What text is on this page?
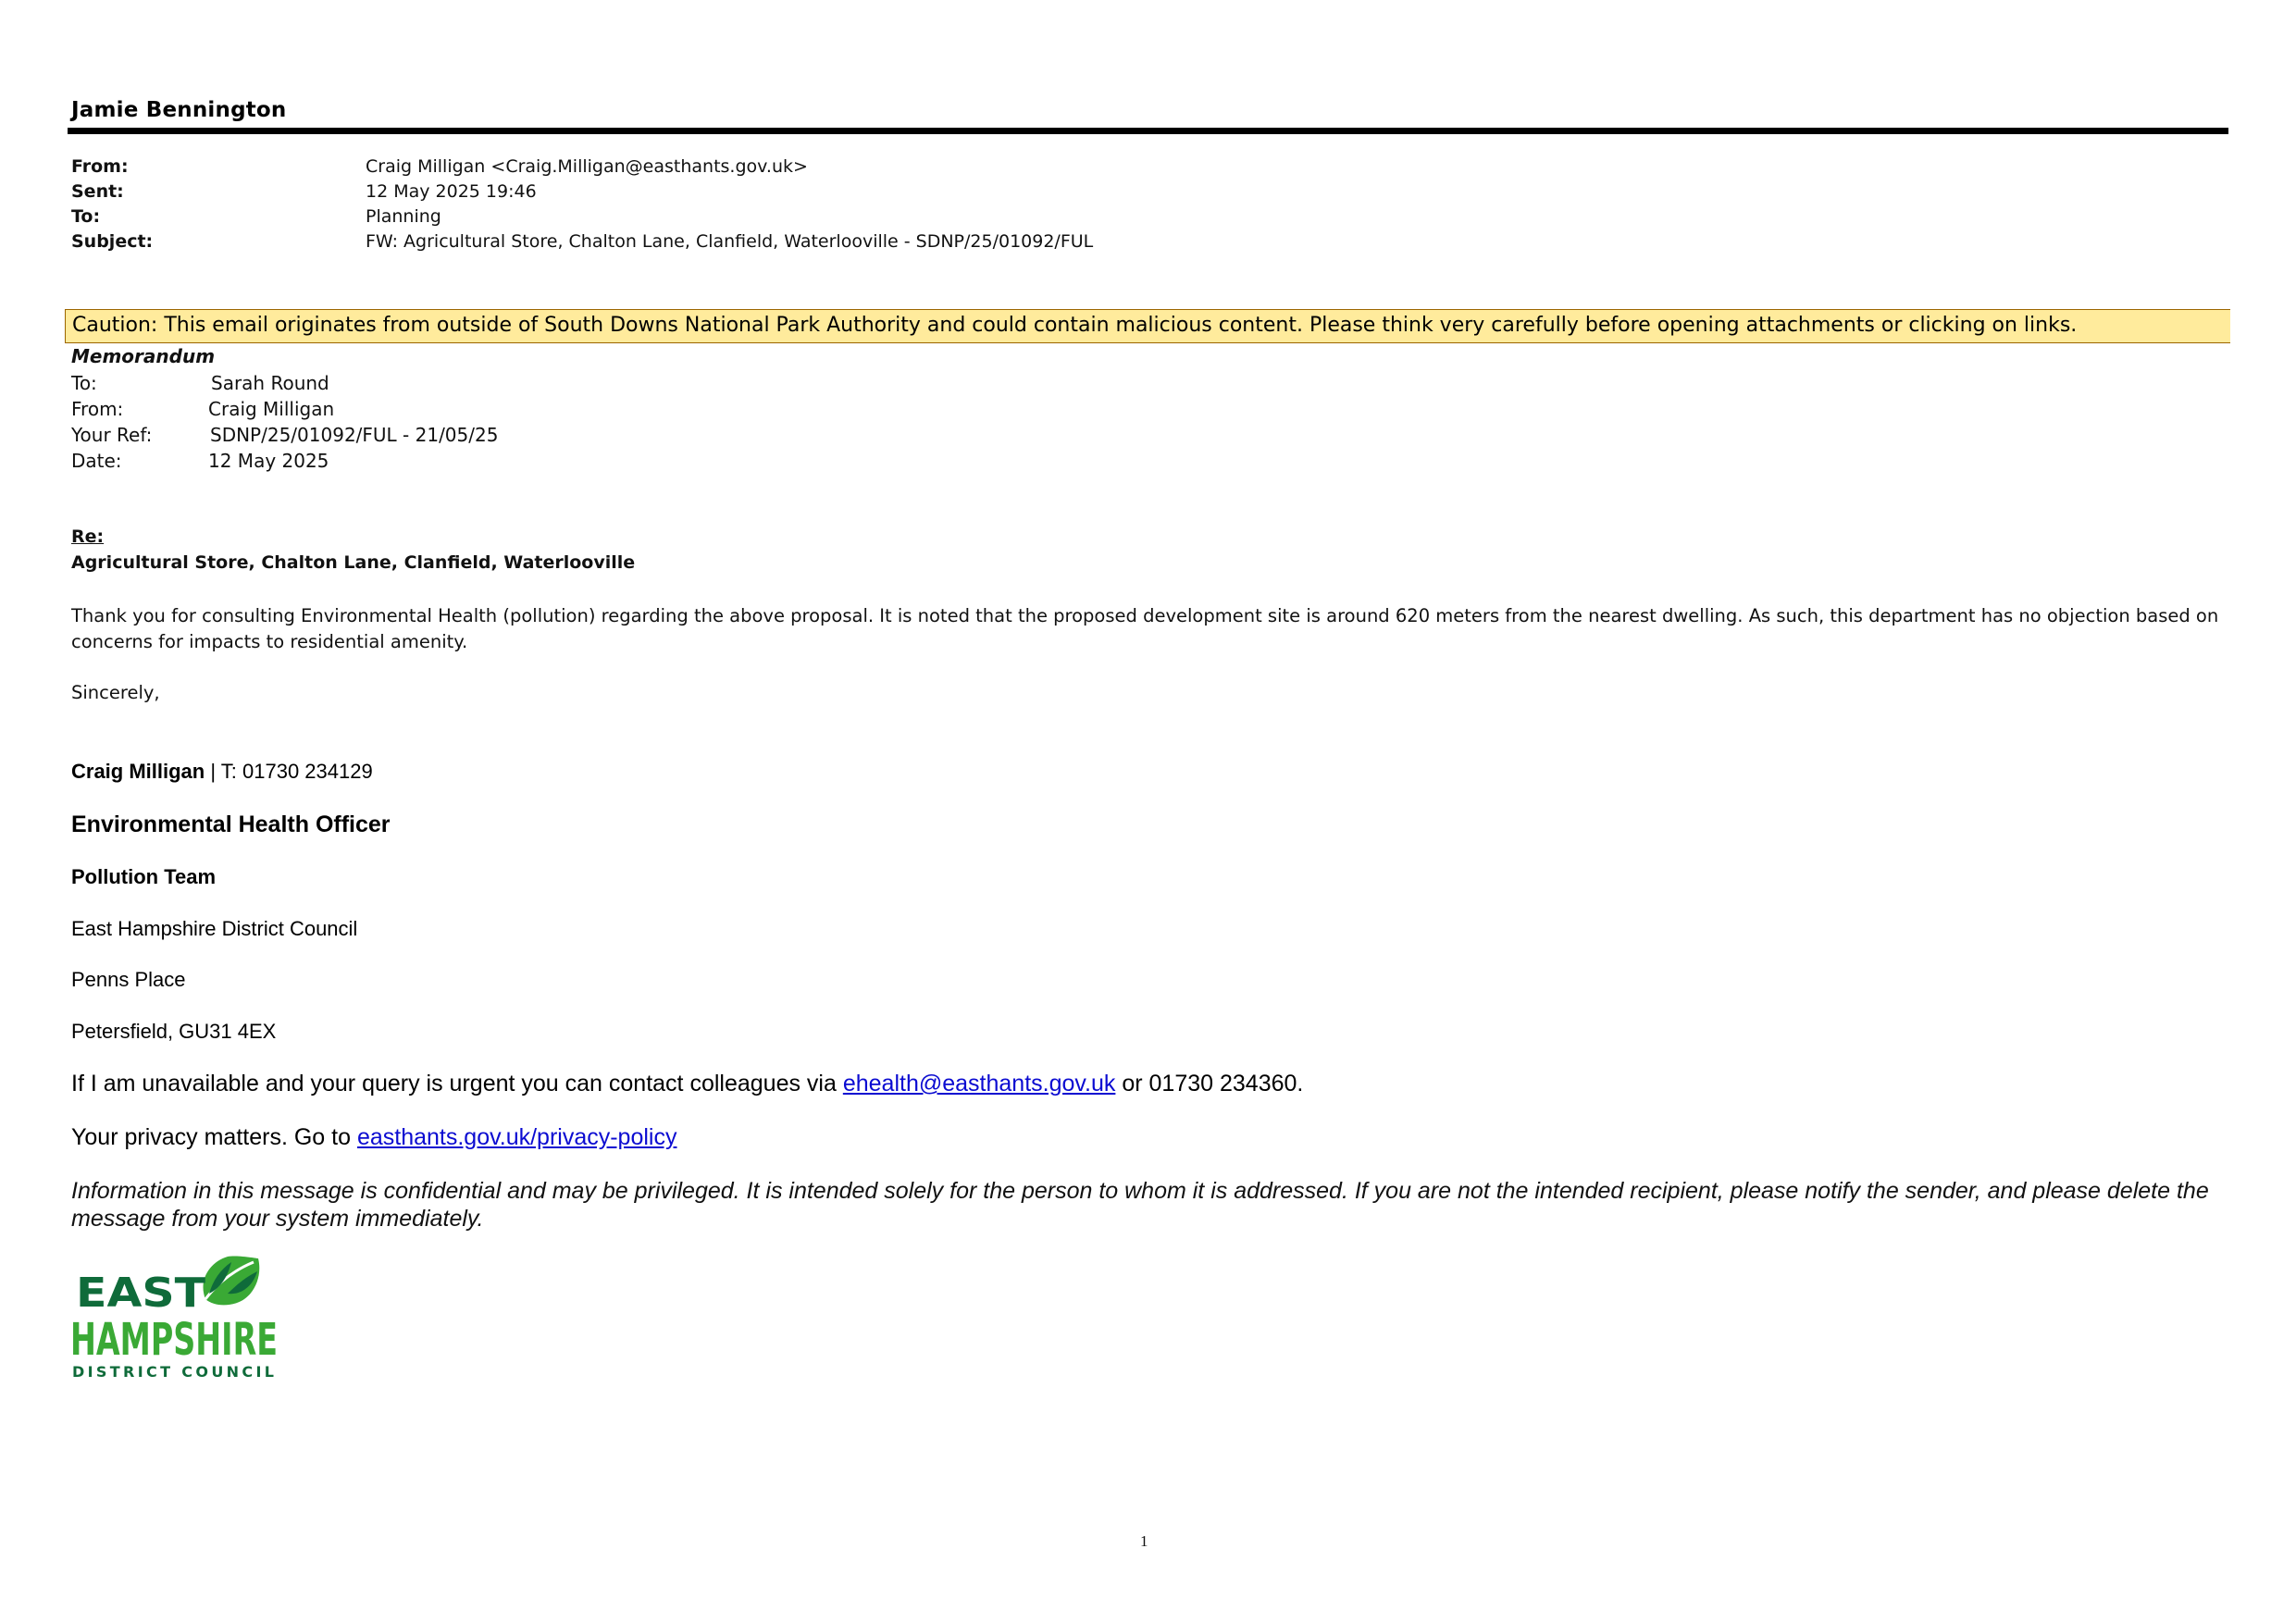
Jamie Bennington
From:	Craig Milligan <Craig.Milligan@easthants.gov.uk>
Sent:	12 May 2025 19:46
To:	Planning
Subject:	FW: Agricultural Store, Chalton Lane, Clanfield, Waterlooville - SDNP/25/01092/FUL
Caution: This email originates from outside of South Downs National Park Authority and could contain malicious content. Please think very carefully before opening attachments or clicking on links.
Memorandum
To:	Sarah Round
From:	Craig Milligan
Your Ref:	SDNP/25/01092/FUL - 21/05/25
Date:	12 May 2025
Re:
Agricultural Store, Chalton Lane, Clanfield, Waterlooville
Thank you for consulting Environmental Health (pollution) regarding the above proposal. It is noted that the proposed development site is around 620 meters from the nearest dwelling. As such, this department has no objection based on concerns for impacts to residential amenity.
Sincerely,
Craig Milligan | T: 01730 234129
Environmental Health Officer
Pollution Team
East Hampshire District Council
Penns Place
Petersfield, GU31 4EX
If I am unavailable and your query is urgent you can contact colleagues via ehealth@easthants.gov.uk or 01730 234360.
Your privacy matters. Go to easthants.gov.uk/privacy-policy
Information in this message is confidential and may be privileged. It is intended solely for the person to whom it is addressed. If you are not the intended recipient, please notify the sender, and please delete the message from your system immediately.
EAST
HAMPSHIRE
DISTRICT COUNCIL
1
